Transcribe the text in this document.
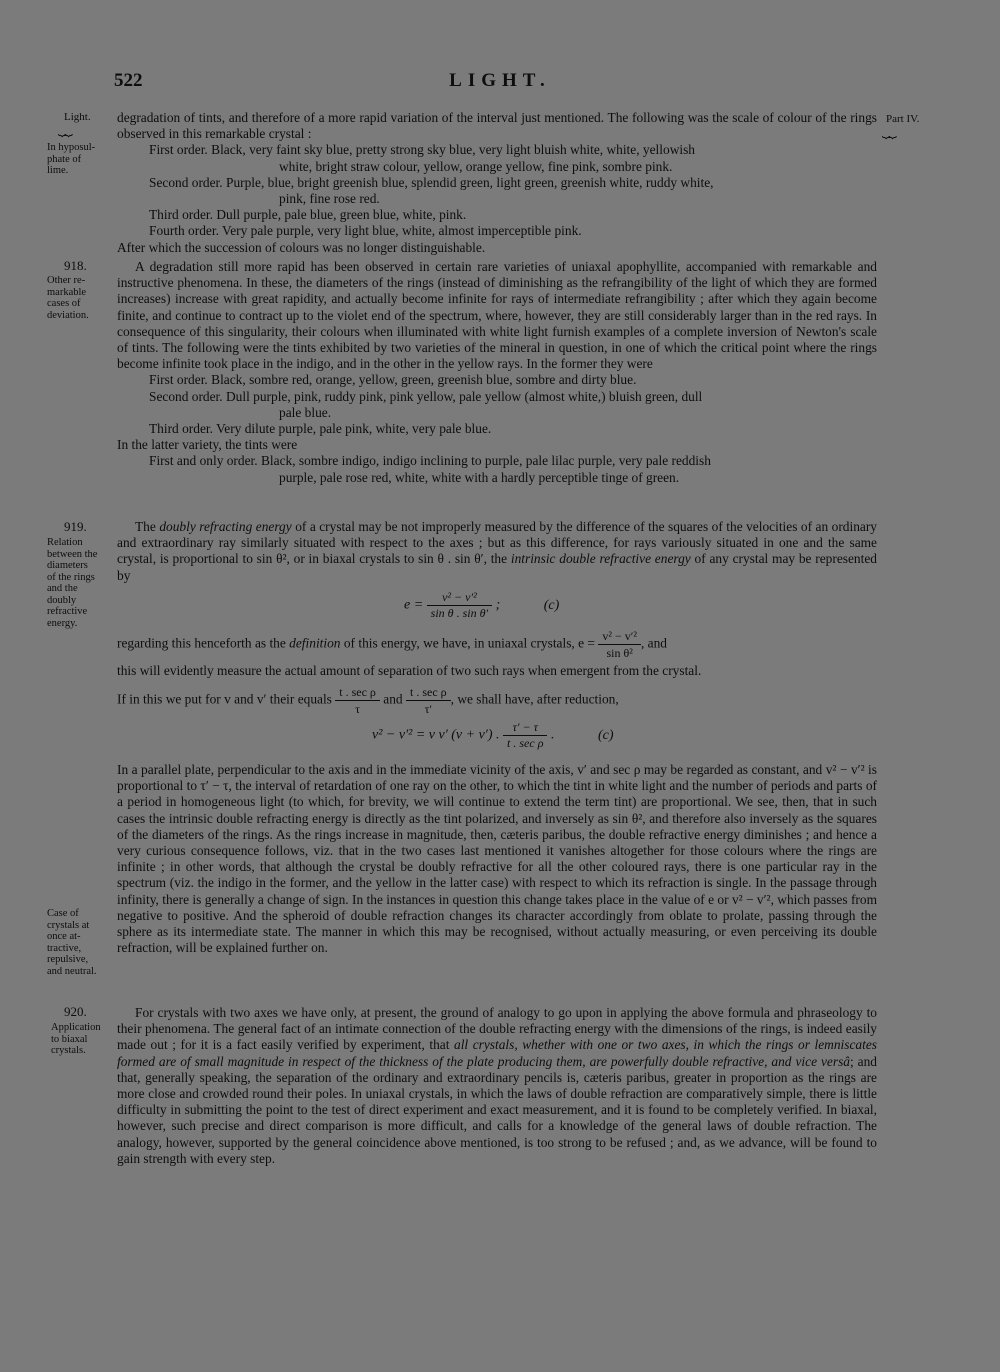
522	LIGHT.
Light.
⏟⏟
Part IV.
⏟⏟
In hyposul-
phate of
lime.
918.
Other re-
markable
cases of
deviation.
919.
Relation
between the
diameters
of the rings
and the
doubly
refractive
energy.
Case of
crystals at
once at-
tractive,
repulsive,
and neutral.
920.
Application
to biaxal
crystals.

degradation of tints, and therefore of a more rapid variation of the interval just mentioned. The following was the scale of colour of the rings observed in this remarkable crystal :

First order. Black, very faint sky blue, pretty strong sky blue, very light bluish white, white, yellowish
white, bright straw colour, yellow, orange yellow, fine pink, sombre pink.

Second order. Purple, blue, bright greenish blue, splendid green, light green, greenish white, ruddy white,
pink, fine rose red.

Third order. Dull purple, pale blue, green blue, white, pink.

Fourth order. Very pale purple, very light blue, white, almost imperceptible pink.

After which the succession of colours was no longer distinguishable.

A degradation still more rapid has been observed in certain rare varieties of uniaxal apophyllite, accompanied with remarkable and instructive phenomena. In these, the diameters of the rings (instead of diminishing as the refrangibility of the light of which they are formed increases) increase with great rapidity, and actually become infinite for rays of intermediate refrangibility ; after which they again become finite, and continue to contract up to the violet end of the spectrum, where, however, they are still considerably larger than in the red rays. In consequence of this singularity, their colours when illuminated with white light furnish examples of a complete inversion of Newton's scale of tints. The following were the tints exhibited by two varieties of the mineral in question, in one of which the critical point where the rings become infinite took place in the indigo, and in the other in the yellow rays. In the former they were

First order. Black, sombre red, orange, yellow, green, greenish blue, sombre and dirty blue.

Second order. Dull purple, pink, ruddy pink, pink yellow, pale yellow (almost white,) bluish green, dull
pale blue.

Third order. Very dilute purple, pale pink, white, very pale blue.

In the latter variety, the tints were

First and only order. Black, sombre indigo, indigo inclining to purple, pale lilac purple, very pale reddish
purple, pale rose red, white, white with a hardly perceptible tinge of green.

The doubly refracting energy of a crystal may be not improperly measured by the difference of the squares of the velocities of an ordinary and extraordinary ray similarly situated with respect to the axes ; but as this difference, for rays variously situated in one and the same crystal, is proportional to sin θ², or in biaxal crystals to sin θ . sin θ′, the intrinsic double refractive energy of any crystal may be represented by

$e = \frac{\text{v² − v′²}}{\text{sin θ . sin θ′}}$ ;	(c)
regarding this henceforth as the definition of this energy, we have, in uniaxal crystals, $e = \frac{\text{v² − v′²}}{\text{sin θ²}}$ , and
this will evidently measure the actual amount of separation of two such rays when emergent from the crystal.
If in this we put for v and v′ their equals $\frac{\text{t . sec ρ}}{\tau}$ and $\frac{\text{t . sec ρ}}{\tau'}$ , we shall have, after reduction,
v² − v′² = v v′ (v + v′) . $\frac{\tau' - \tau}{\text{t . sec ρ}}$ .	(c)

In a parallel plate, perpendicular to the axis and in the immediate vicinity of the axis, v′ and sec ρ may be regarded as constant, and v² − v′² is proportional to τ′ − τ, the interval of retardation of one ray on the other, to which the tint in white light and the number of periods and parts of a period in homogeneous light (to which, for brevity, we will continue to extend the term tint) are proportional. We see, then, that in such cases the intrinsic double refracting energy is directly as the tint polarized, and inversely as sin θ², and therefore also inversely as the squares of the diameters of the rings. As the rings increase in magnitude, then, cæteris paribus, the double refractive energy diminishes ; and hence a very curious consequence follows, viz. that in the two cases last mentioned it vanishes altogether for those colours where the rings are infinite ; in other words, that although the crystal be doubly refractive for all the other coloured rays, there is one particular ray in the spectrum (viz. the indigo in the former, and the yellow in the latter case) with respect to which its refraction is single. In the passage through infinity, there is generally a change of sign. In the instances in question this change takes place in the value of e or v² − v′², which passes from negative to positive. And the spheroid of double refraction changes its character accordingly from oblate to prolate, passing through the sphere as its intermediate state. The manner in which this may be recognised, without actually measuring, or even perceiving its double refraction, will be explained further on.

For crystals with two axes we have only, at present, the ground of analogy to go upon in applying the above formula and phraseology to their phenomena. The general fact of an intimate connection of the double refracting energy with the dimensions of the rings, is indeed easily made out ; for it is a fact easily verified by experiment, that all crystals, whether with one or two axes, in which the rings or lemniscates formed are of small magnitude in respect of the thickness of the plate producing them, are powerfully double refractive, and vice versâ; and that, generally speaking, the separation of the ordinary and extraordinary pencils is, cæteris paribus, greater in proportion as the rings are more close and crowded round their poles. In uniaxal crystals, in which the laws of double refraction are comparatively simple, there is little difficulty in submitting the point to the test of direct experiment and exact measurement, and it is found to be completely verified. In biaxal, however, such precise and direct comparison is more difficult, and calls for a knowledge of the general laws of double refraction. The analogy, however, supported by the general coincidence above mentioned, is too strong to be refused ; and, as we advance, will be found to gain strength with every step.
